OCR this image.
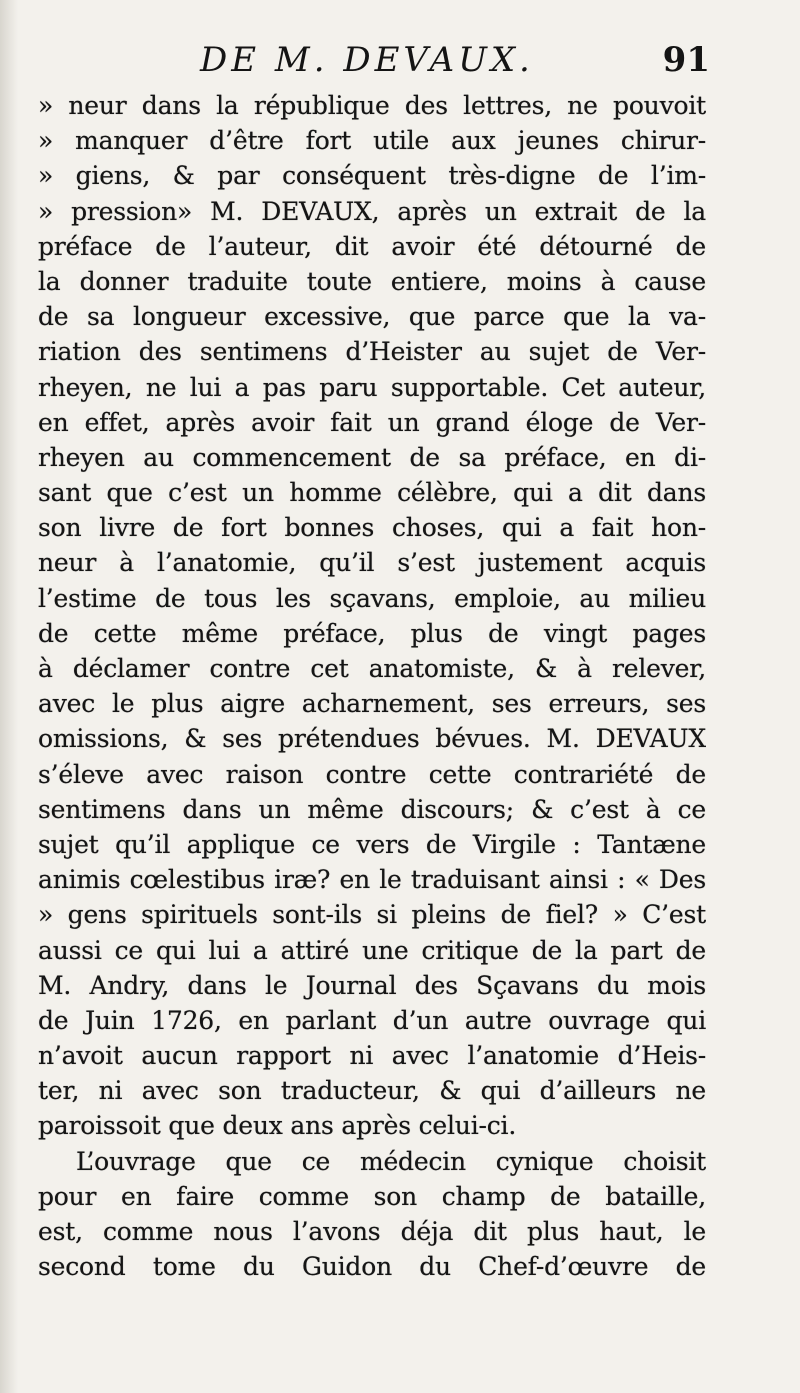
DE M. DEVAUX.	91
» neur dans la république des lettres, ne pouvoit
» manquer d’être fort utile aux jeunes chirur-
» giens, & par conséquent très-digne de l’im-
» pression» M. DEVAUX, après un extrait de la
préface de l’auteur, dit avoir été détourné de
la donner traduite toute entiere, moins à cause
de sa longueur excessive, que parce que la va-
riation des sentimens d’Heister au sujet de Ver-
rheyen, ne lui a pas paru supportable. Cet auteur,
en effet, après avoir fait un grand éloge de Ver-
rheyen au commencement de sa préface, en di-
sant que c’est un homme célèbre, qui a dit dans
son livre de fort bonnes choses, qui a fait hon-
neur à l’anatomie, qu’il s’est justement acquis
l’estime de tous les sçavans, emploie, au milieu
de cette même préface, plus de vingt pages
à déclamer contre cet anatomiste, & à relever,
avec le plus aigre acharnement, ses erreurs, ses
omissions, & ses prétendues bévues. M. DEVAUX
s’éleve avec raison contre cette contrariété de
sentimens dans un même discours; & c’est à ce
sujet qu’il applique ce vers de Virgile : Tantæne
animis cœlestibus iræ? en le traduisant ainsi : « Des
» gens spirituels sont-ils si pleins de fiel? » C’est
aussi ce qui lui a attiré une critique de la part de
M. Andry, dans le Journal des Sçavans du mois
de Juin 1726, en parlant d’un autre ouvrage qui
n’avoit aucun rapport ni avec l’anatomie d’Heis-
ter, ni avec son traducteur, & qui d’ailleurs ne
paroissoit que deux ans après celui-ci.
L’ouvrage que ce médecin cynique choisit
pour en faire comme son champ de bataille,
est, comme nous l’avons déja dit plus haut, le
second tome du Guidon du Chef-d’œuvre de
